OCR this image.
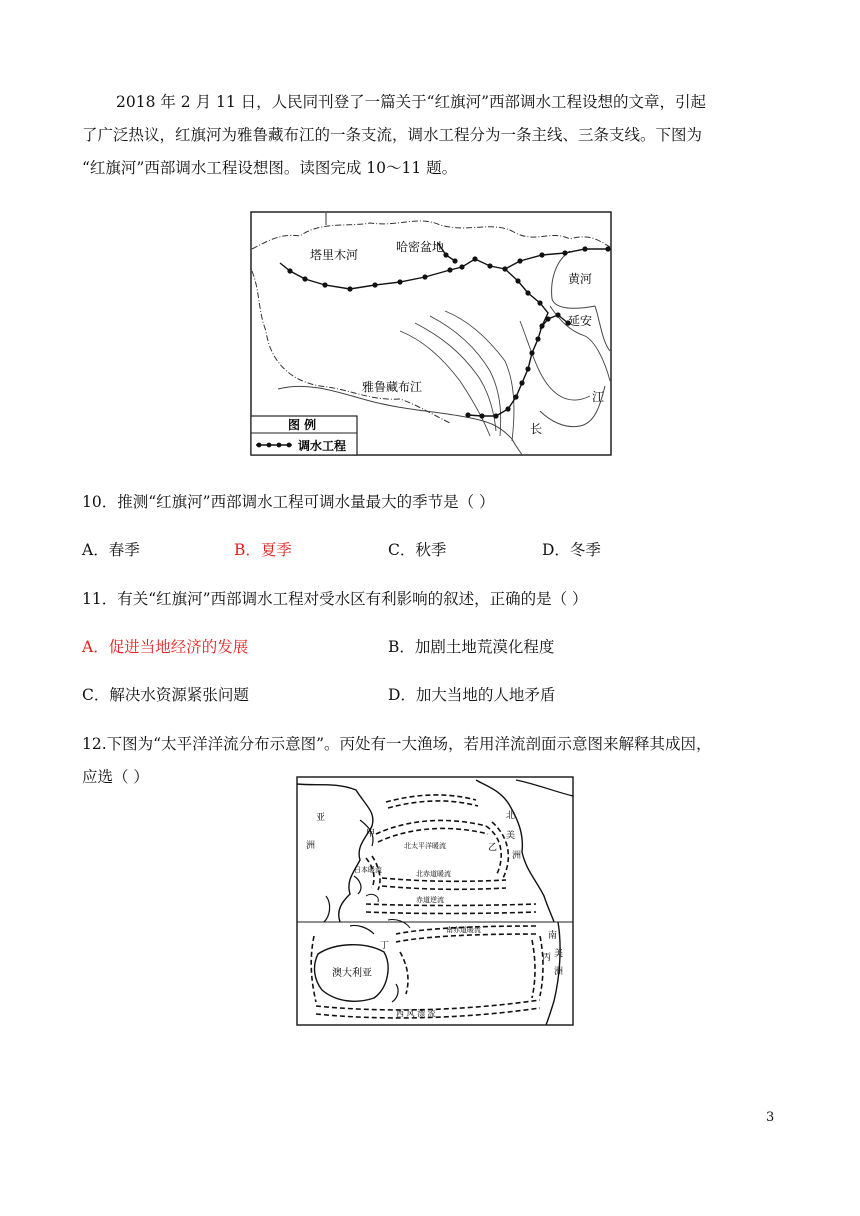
2018 年 2 月 11 日，人民同刊登了一篇关于“红旗河”西部调水工程设想的文章，引起
了广泛热议，红旗河为雅鲁藏布江的一条支流，调水工程分为一条主线、三条支线。下图为
“红旗河”西部调水工程设想图。读图完成 10～11 题。
塔里木河
哈密盆地
黄河
延安
雅鲁藏布江
江
长
图 例
调水工程
10．推测“红旗河”西部调水工程可调水量最大的季节是（ ）
A．春季	B．夏季	C．秋季	D．冬季
11．有关“红旗河”西部调水工程对受水区有利影响的叙述，正确的是（ ）
A．促进当地经济的发展	B．加剧土地荒漠化程度
C．解决水资源紧张问题	D．加大当地的人地矛盾
12.下图为“太平洋洋流分布示意图”。丙处有一大渔场，若用洋流剖面示意图来解释其成因，
应选（ ）
亚
洲
北
美
洲
甲
乙
丙
丁
南
美
洲
澳大利亚
北太平洋暖流
北赤道暖流
赤道逆流
南赤道暖流
日本暖流
西 风 漂 流
3
